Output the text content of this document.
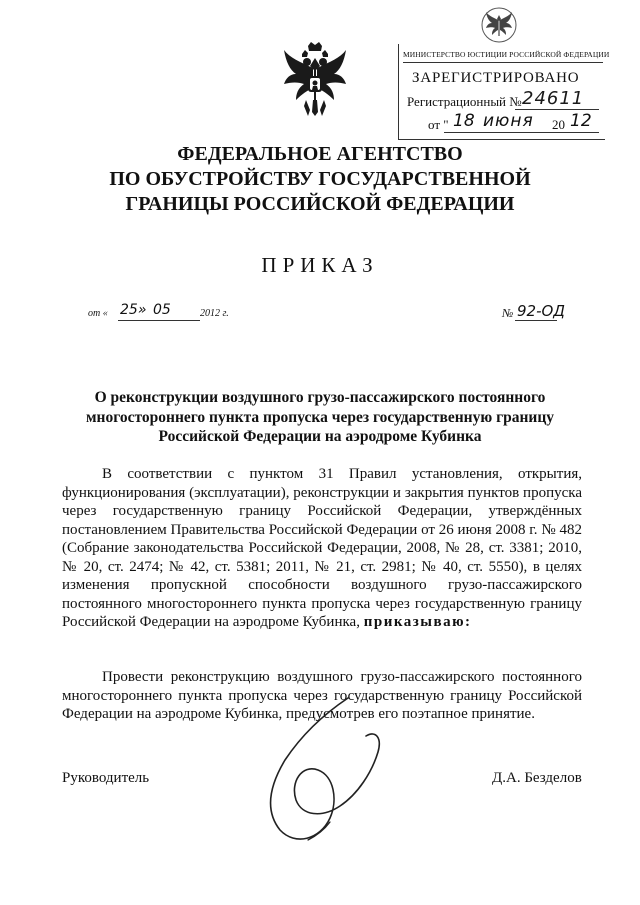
МИНИСТЕРСТВО ЮСТИЦИИ РОССИЙСКОЙ ФЕДЕРАЦИИ
ЗАРЕГИСТРИРОВАНО
Регистрационный № 24611
от " 18 июня 20 12
ФЕДЕРАЛЬНОЕ АГЕНТСТВО
ПО ОБУСТРОЙСТВУ ГОСУДАРСТВЕННОЙ
ГРАНИЦЫ РОССИЙСКОЙ ФЕДЕРАЦИИ
ПРИКАЗ
от « 25» 05	2012 г.	№ 92-ОД
О реконструкции воздушного грузо-пассажирского постоянного многостороннего пункта пропуска через государственную границу Российской Федерации на аэродроме Кубинка
В соответствии с пунктом 31 Правил установления, открытия, функционирования (эксплуатации), реконструкции и закрытия пунктов пропуска через государственную границу Российской Федерации, утверждённых постановлением Правительства Российской Федерации от 26 июня 2008 г. № 482 (Собрание законодательства Российской Федерации, 2008, № 28, ст. 3381; 2010, № 20, ст. 2474; № 42, ст. 5381; 2011, № 21, ст. 2981; № 40, ст. 5550), в целях изменения пропускной способности воздушного грузо-пассажирского постоянного многостороннего пункта пропуска через государственную границу Российской Федерации на аэродроме Кубинка, приказываю:
Провести реконструкцию воздушного грузо-пассажирского постоянного многостороннего пункта пропуска через государственную границу Российской Федерации на аэродроме Кубинка, предусмотрев его поэтапное принятие.
Руководитель	Д.А. Безделов
